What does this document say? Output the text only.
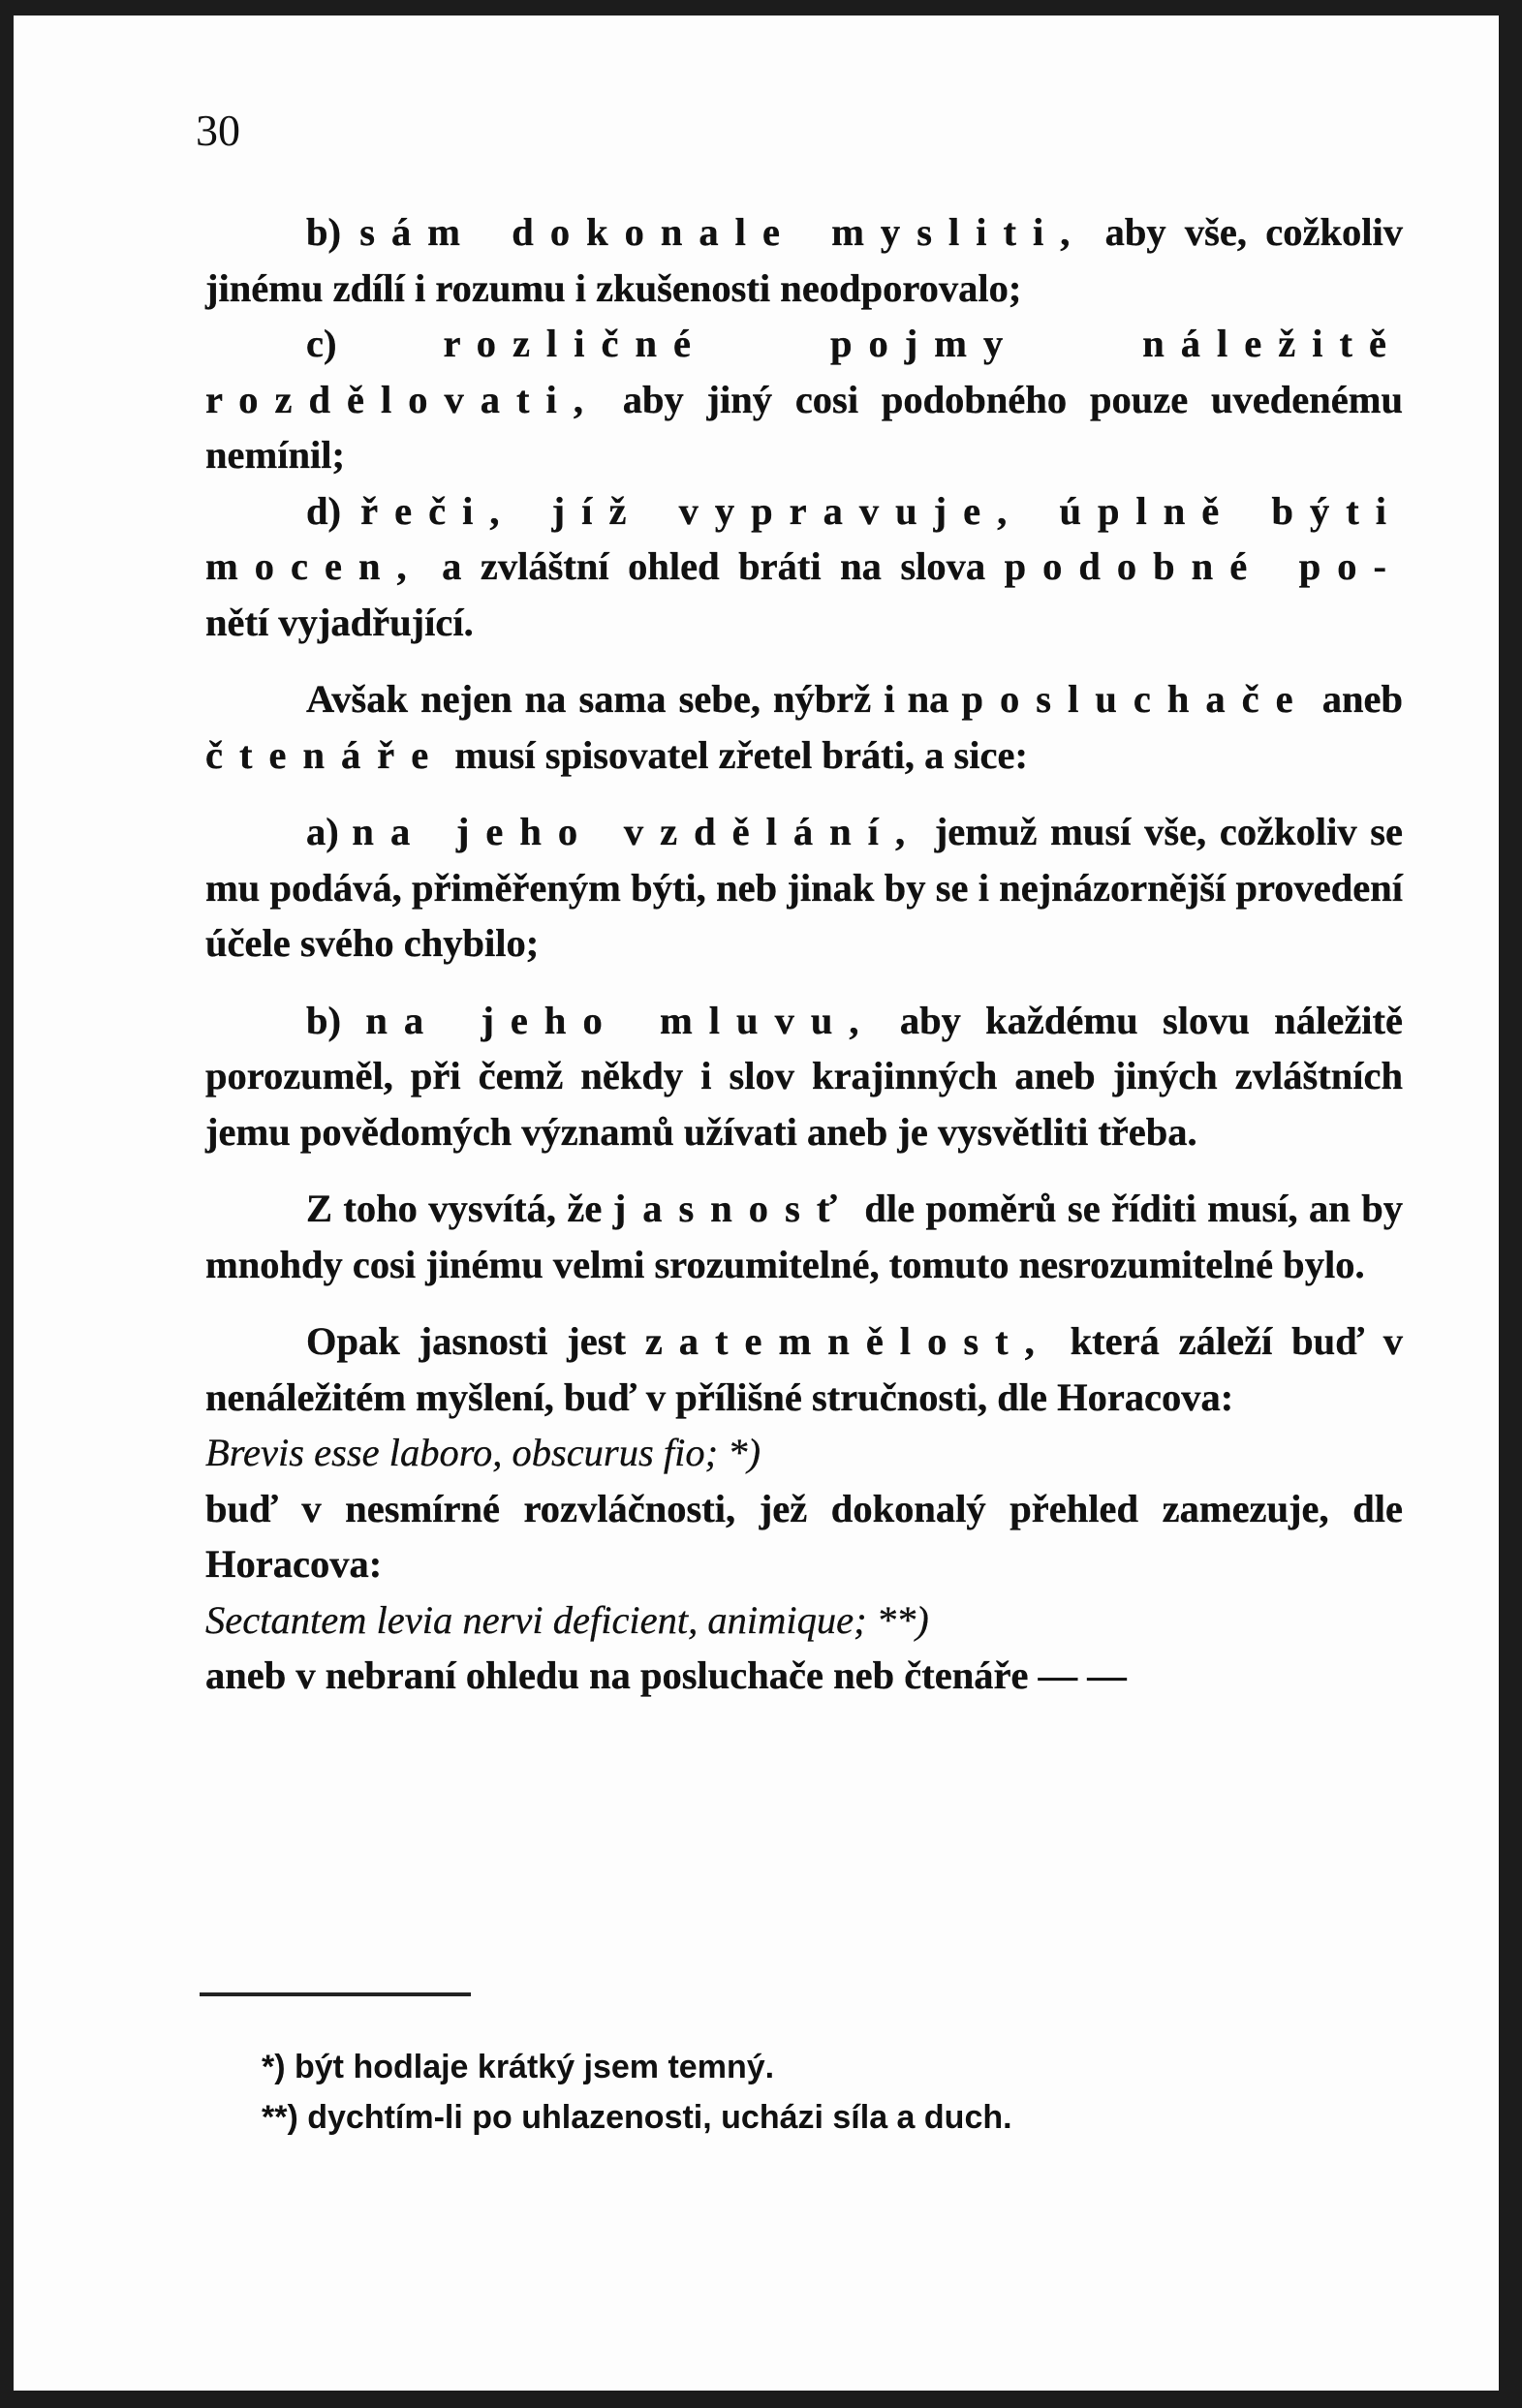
30

b) sám dokonale mysliti, aby vše, cožkoliv jinému zdílí i rozumu i zkušenosti neodporovalo;

c)	rozličné pojmy náležitě rozdělovati, aby jiný cosi podobného pouze uvedenému nemínil;

d) řeči, jíž vypravuje, úplně býti mocen, a zvláštní ohled bráti na slova podobné po- nětí vyjadřující.

Avšak nejen na sama sebe, nýbrž i na posluchače aneb čtenáře musí spisovatel zřetel bráti, a sice:

a) na jeho vzdělání, jemuž musí vše, cožkoliv se mu podává, přiměřeným býti, neb jinak by se i nejnázornější provedení účele svého chybilo;

b) na jeho mluvu, aby každému slovu náležitě porozuměl, při čemž někdy i slov krajinných aneb jiných zvláštních jemu povědomých významů užívati aneb je vysvětliti třeba.

Z toho vysvítá, že jasnosť dle poměrů se říditi musí, an by mnohdy cosi jinému velmi srozumitelné, tomuto nesrozumitelné bylo.

Opak jasnosti jest zatemnělost, která záleží buď v nenáležitém myšlení, buď v přílišné stručnosti, dle Horacova:

Brevis esse laboro, obscurus fio; *)

buď v nesmírné rozvláčnosti, jež dokonalý přehled zamezuje, dle Horacova:

Sectantem levia nervi deficient, animique; **)

aneb v nebraní ohledu na posluchače neb čtenáře — —

*) být hodlaje krátký jsem temný.
**) dychtím-li po uhlazenosti, ucházi síla a duch.
